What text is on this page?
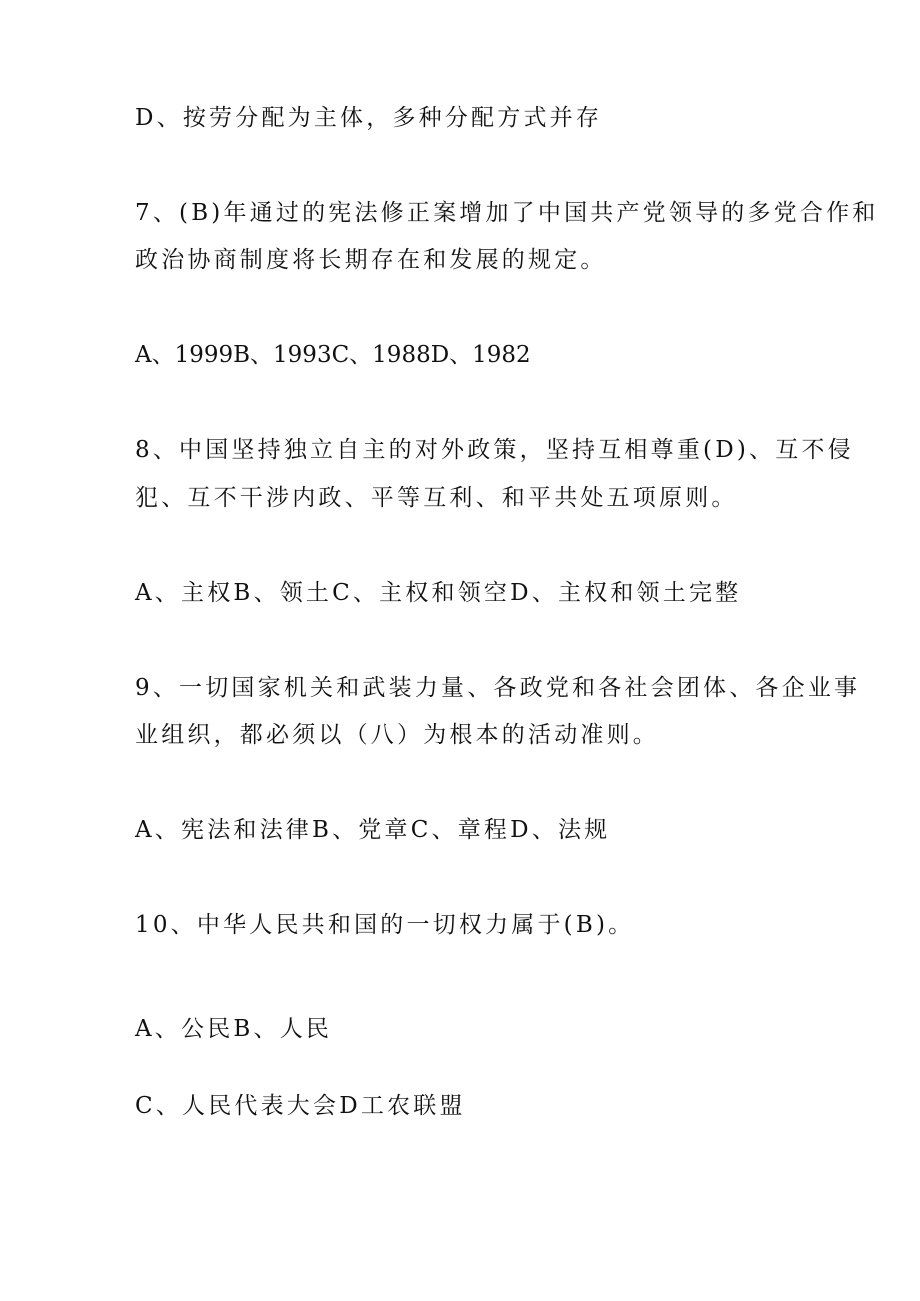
D、按劳分配为主体，多种分配方式并存
7、(B)年通过的宪法修正案增加了中国共产党领导的多党合作和
政治协商制度将长期存在和发展的规定。
A、1999B、1993C、1988D、1982
8、中国坚持独立自主的对外政策，坚持互相尊重(D)、互不侵
犯、互不干涉内政、平等互利、和平共处五项原则。
A、主权B、领土C、主权和领空D、主权和领土完整
9、一切国家机关和武装力量、各政党和各社会团体、各企业事
业组织，都必须以（八）为根本的活动准则。
A、宪法和法律B、党章C、章程D、法规
10、中华人民共和国的一切权力属于(B)。
A、公民B、人民
C、人民代表大会D工农联盟
